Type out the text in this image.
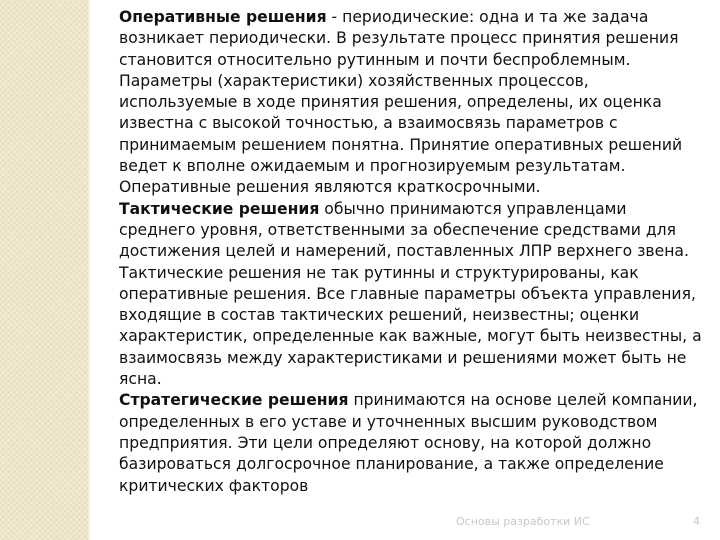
Оперативные решения - периодические: одна и та же задача возникает периодически. В результате процесс принятия решения становится относительно рутинным и почти беспроблемным. Параметры (характеристики) хозяйственных процессов, используемые в ходе принятия решения, определены, их оценка известна с высокой точностью, а взаимосвязь параметров с принимаемым решением понятна. Принятие оперативных решений ведет к вполне ожидаемым и прогнозируемым результатам. Оперативные решения являются краткосрочными.

Тактические решения обычно принимаются управленцами среднего уровня, ответственными за обеспечение средствами для достижения целей и намерений, поставленных ЛПР верхнего звена. Тактические решения не так рутинны и структурированы, как оперативные решения. Все главные параметры объекта управления, входящие в состав тактических решений, неизвестны; оценки характеристик, определенные как важные, могут быть неизвестны, а взаимосвязь между характеристиками и решениями может быть не ясна.

Стратегические решения принимаются на основе целей компании, определенных в его уставе и уточненных высшим руководством предприятия. Эти цели определяют основу, на которой должно базироваться долгосрочное планирование, а также определение критических факторов

Основы разработки ИС	4
